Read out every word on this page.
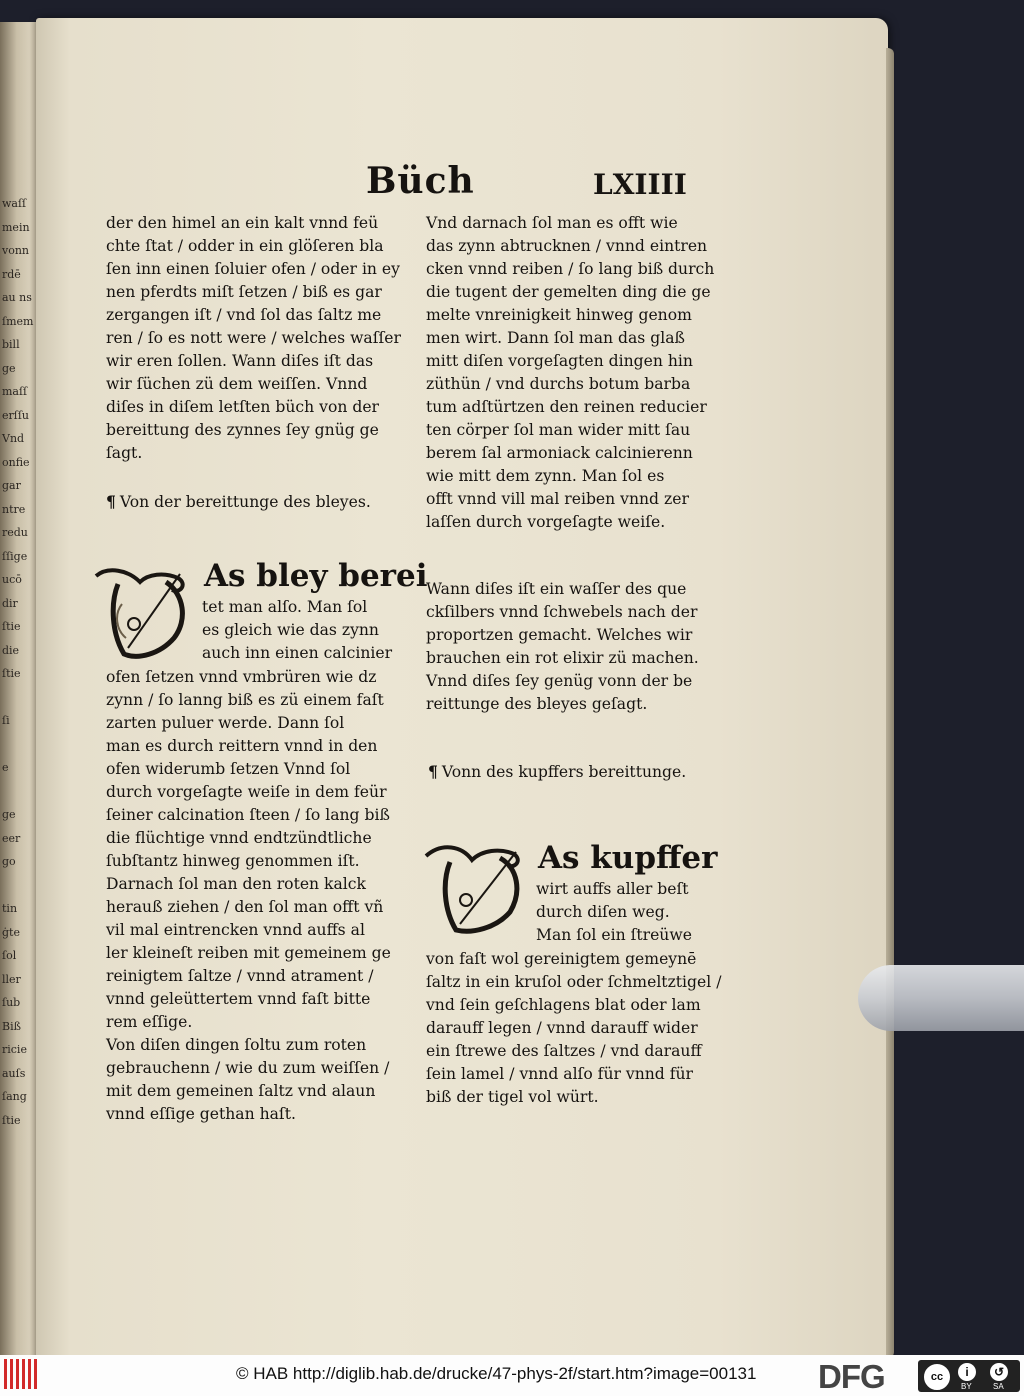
waſſ
mein
vonn
rdē
au ns
ſmem
bill
ge
maſſ
erſſu
Vnd
onfie
gar
ntre
redu
ſſige
ucō
dir
ſtie
die
ſtie
ſi
e
ge
eer
go
tin
ġte
ſol
ller
ſub
Biß
ricie
auſs
ſang
ſtie
Büch	LXIIII
der den himel an ein kalt vnnd feü
chte ſtat / odder in ein glöſeren bla
ſen inn einen ſoluier ofen / oder in ey
nen pferdts miſt ſetzen / biß es gar
zergangen iſt / vnd ſol das ſaltz me
ren / ſo es nott were / welches waſſer
wir eren ſollen. Wann diſes iſt das
wir ſüchen zü dem weiſſen. Vnnd
diſes in diſem letſten büch von der
bereittung des zynnes ſey gnüg ge
ſagt.
¶ Von der bereittunge des bleyes.
As bley berei
tet man alſo. Man ſol
es gleich wie das zynn
auch inn einen calcinier
ofen ſetzen vnnd vmbrüren wie dz
zynn / ſo lanng biß es zü einem faſt
zarten puluer werde. Dann ſol
man es durch reittern vnnd in den
ofen widerumb ſetzen Vnnd ſol
durch vorgeſagte weiſe in dem feür
ſeiner calcination ſteen / ſo lang biß
die flüchtige vnnd endtzündtliche
ſubſtantz hinweg genommen iſt.
Darnach ſol man den roten kalck
herauß ziehen / den ſol man offt vñ
vil mal eintrencken vnnd auffs al
ler kleineſt reiben mit gemeinem ge
reinigtem ſaltze / vnnd atrament /
vnnd geleüttertem vnnd faſt bitte
rem eſſige.
Von diſen dingen ſoltu zum roten
gebrauchenn / wie du zum weiſſen /
mit dem gemeinen ſaltz vnd alaun
vnnd eſſige gethan haſt.
Vnd darnach ſol man es offt wie
das zynn abtrucknen / vnnd eintren
cken vnnd reiben / ſo lang biß durch
die tugent der gemelten ding die ge
melte vnreinigkeit hinweg genom
men wirt. Dann ſol man das glaß
mitt diſen vorgeſagten dingen hin
züthün / vnd durchs botum barba
tum adſtürtzen den reinen reducier
ten cörper ſol man wider mitt ſau
berem ſal armoniack calcinierenn
wie mitt dem zynn. Man ſol es
offt vnnd vill mal reiben vnnd zer
laſſen durch vorgeſagte weiſe.
Wann diſes iſt ein waſſer des que
ckſilbers vnnd ſchwebels nach der
proportzen gemacht. Welches wir
brauchen ein rot elixir zü machen.
Vnnd diſes ſey genüg vonn der be
reittunge des bleyes geſagt.
¶ Vonn des kupffers bereittunge.
As kupffer
wirt auffs aller beſt
durch diſen weg.
Man ſol ein ſtreüwe
von faſt wol gereinigtem gemeynē
ſaltz in ein kruſol oder ſchmeltztigel /
vnd ſein geſchlagens blat oder lam
darauff legen / vnnd darauff wider
ein ſtrewe des ſaltzes / vnd darauff
ſein lamel / vnnd alſo für vnnd für
biß der tigel vol würt.
© HAB http://diglib.hab.de/drucke/47-phys-2f/start.htm?image=00131 DFG	cc	i	↺
BY	SA
